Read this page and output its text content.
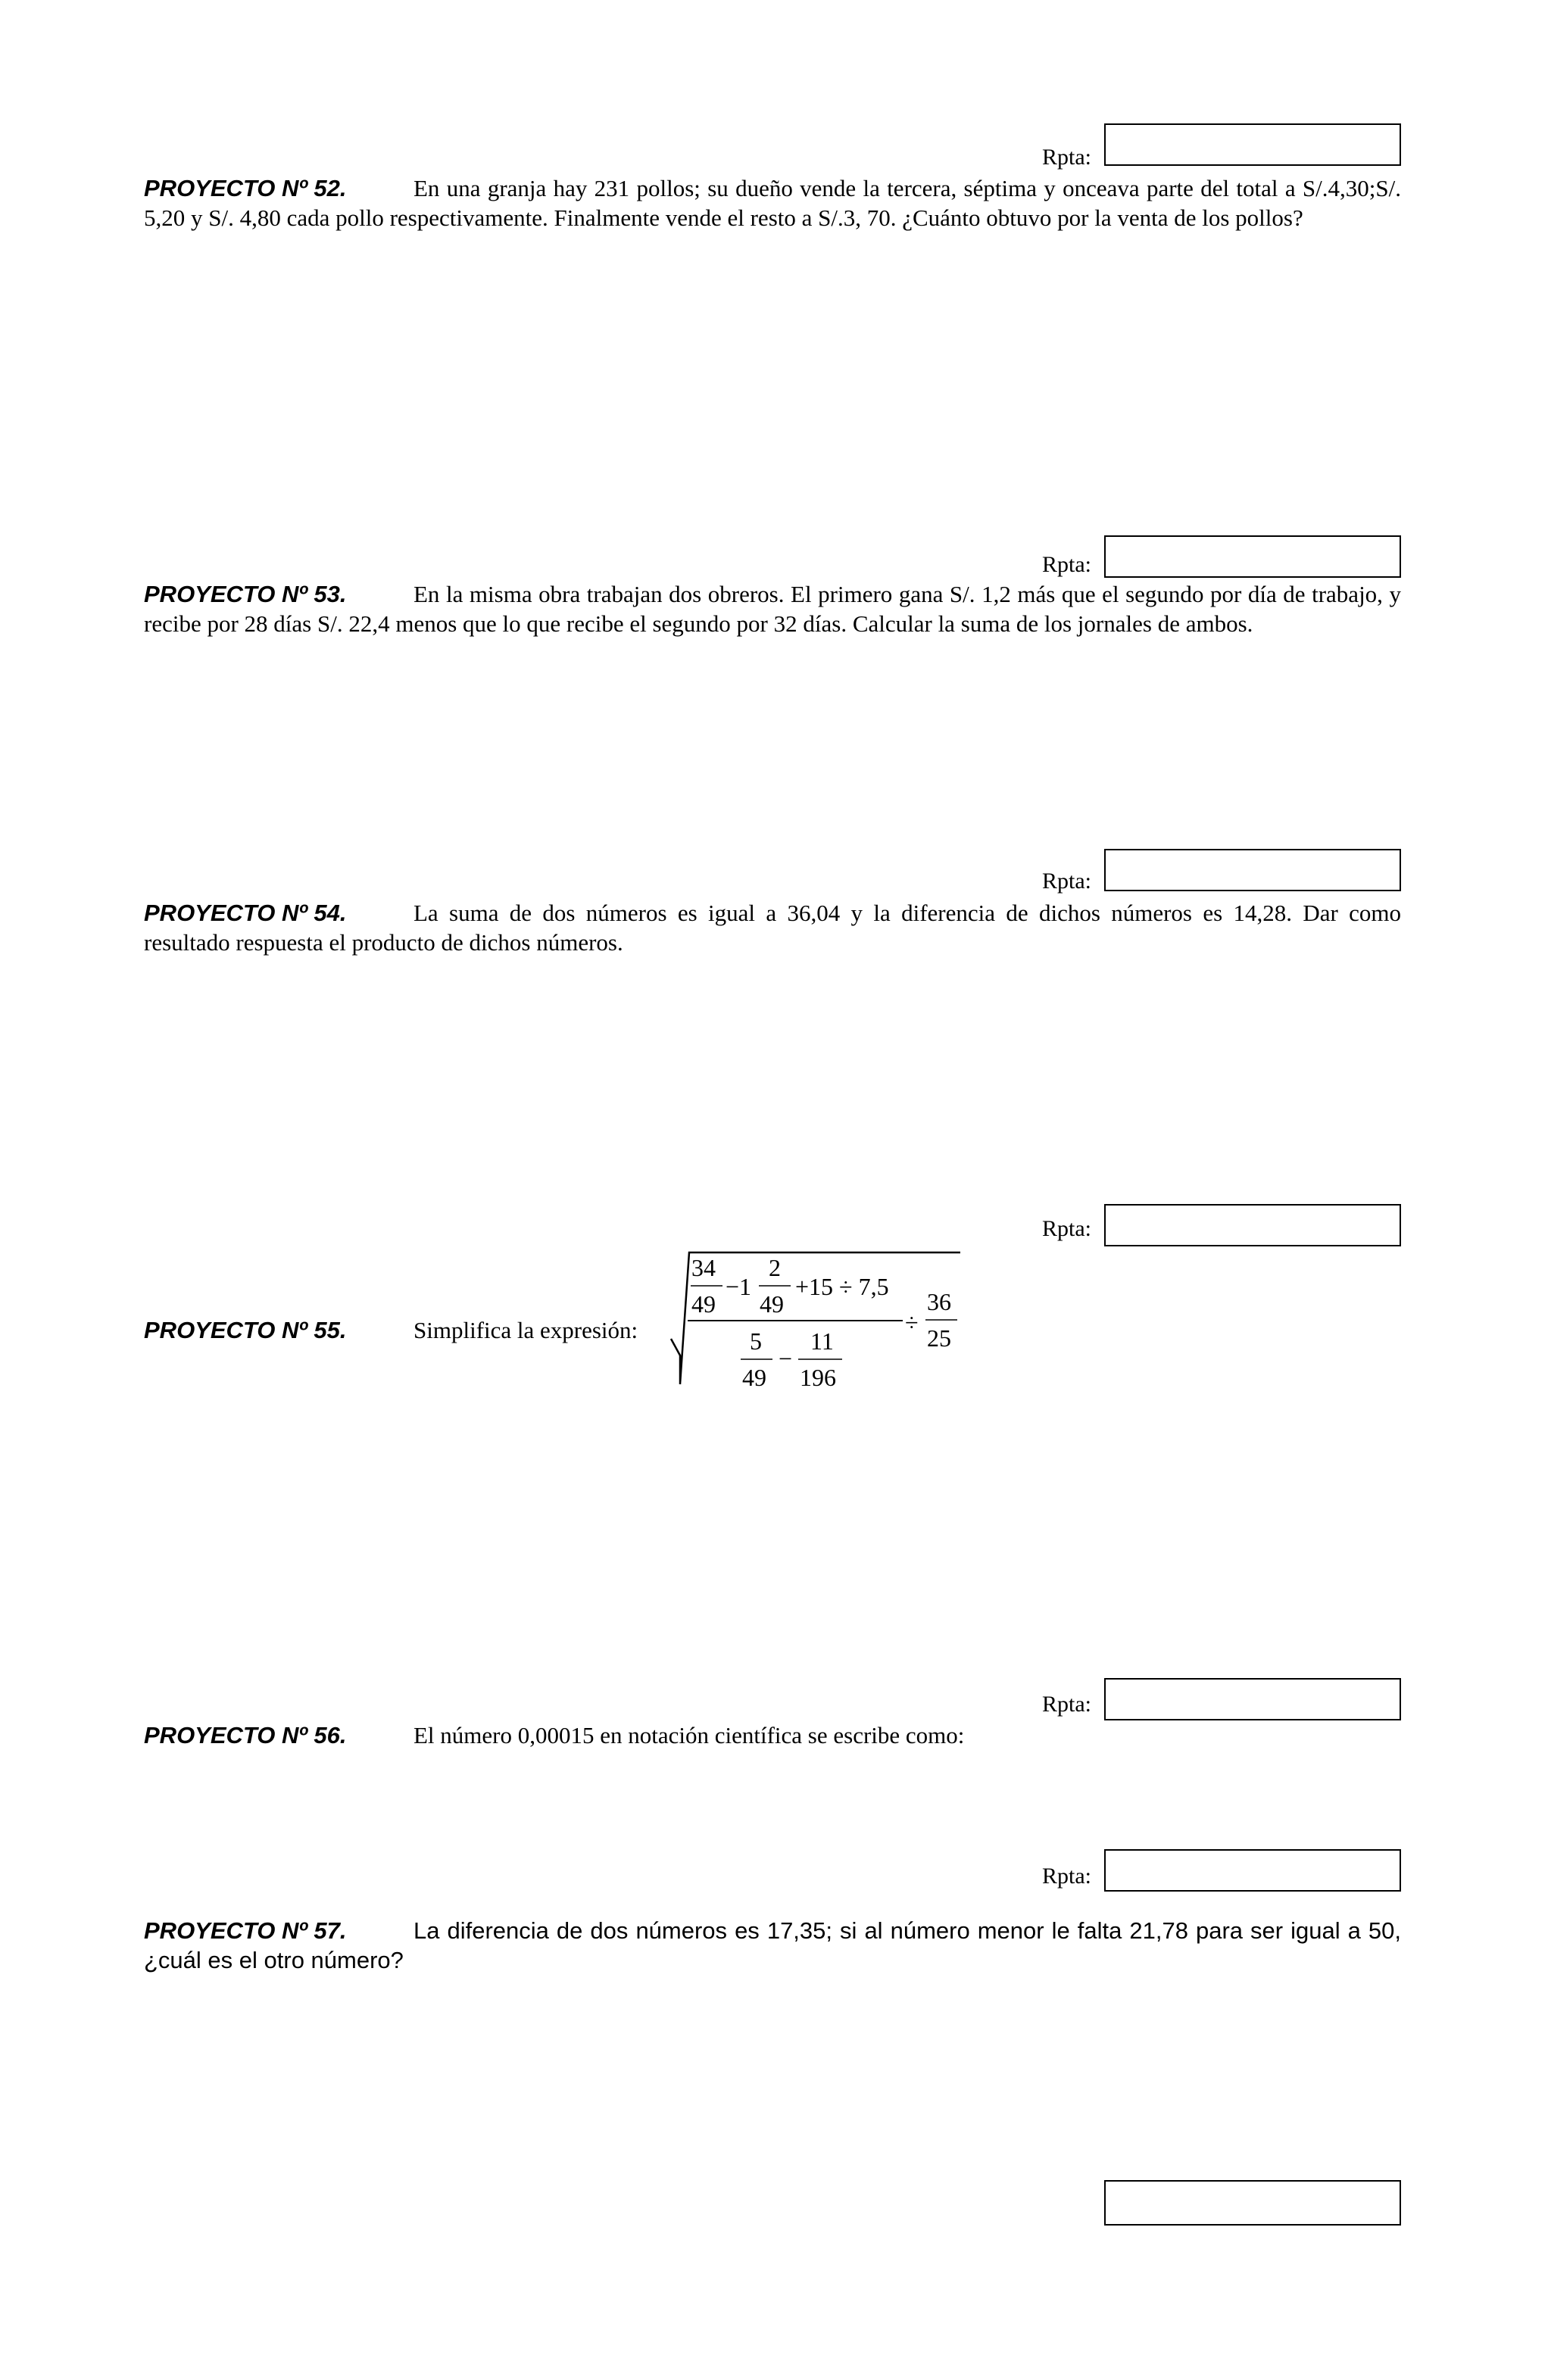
Rpta:
PROYECTO Nº 52.	En una granja hay 231 pollos; su dueño vende la tercera, séptima y onceava parte del total a S/.4,30;S/. 5,20 y S/. 4,80 cada pollo respectivamente. Finalmente vende el resto a S/.3, 70. ¿Cuánto obtuvo por la venta de los pollos?
Rpta:
PROYECTO Nº 53.	En la misma obra trabajan dos obreros. El primero gana S/. 1,2 más que el segundo por día de trabajo, y recibe por 28 días S/. 22,4 menos que lo que recibe el segundo por 32 días. Calcular la suma de los jornales de ambos.
Rpta:
PROYECTO Nº 54.	La suma de dos números es igual a 36,04 y la diferencia de dichos números es 14,28. Dar como resultado respuesta el producto de dichos números.
Rpta:
PROYECTO Nº 55.	Simplifica la expresión:
34
49
−1
2
49
+15 ÷ 7,5
5
49
−
11
196
÷
36
25
Rpta:
PROYECTO Nº 56.	El número 0,00015 en notación científica se escribe como:
Rpta:
PROYECTO Nº 57.	La diferencia de dos números es 17,35; si al número menor le falta 21,78 para ser igual a 50, ¿cuál es el otro número?
